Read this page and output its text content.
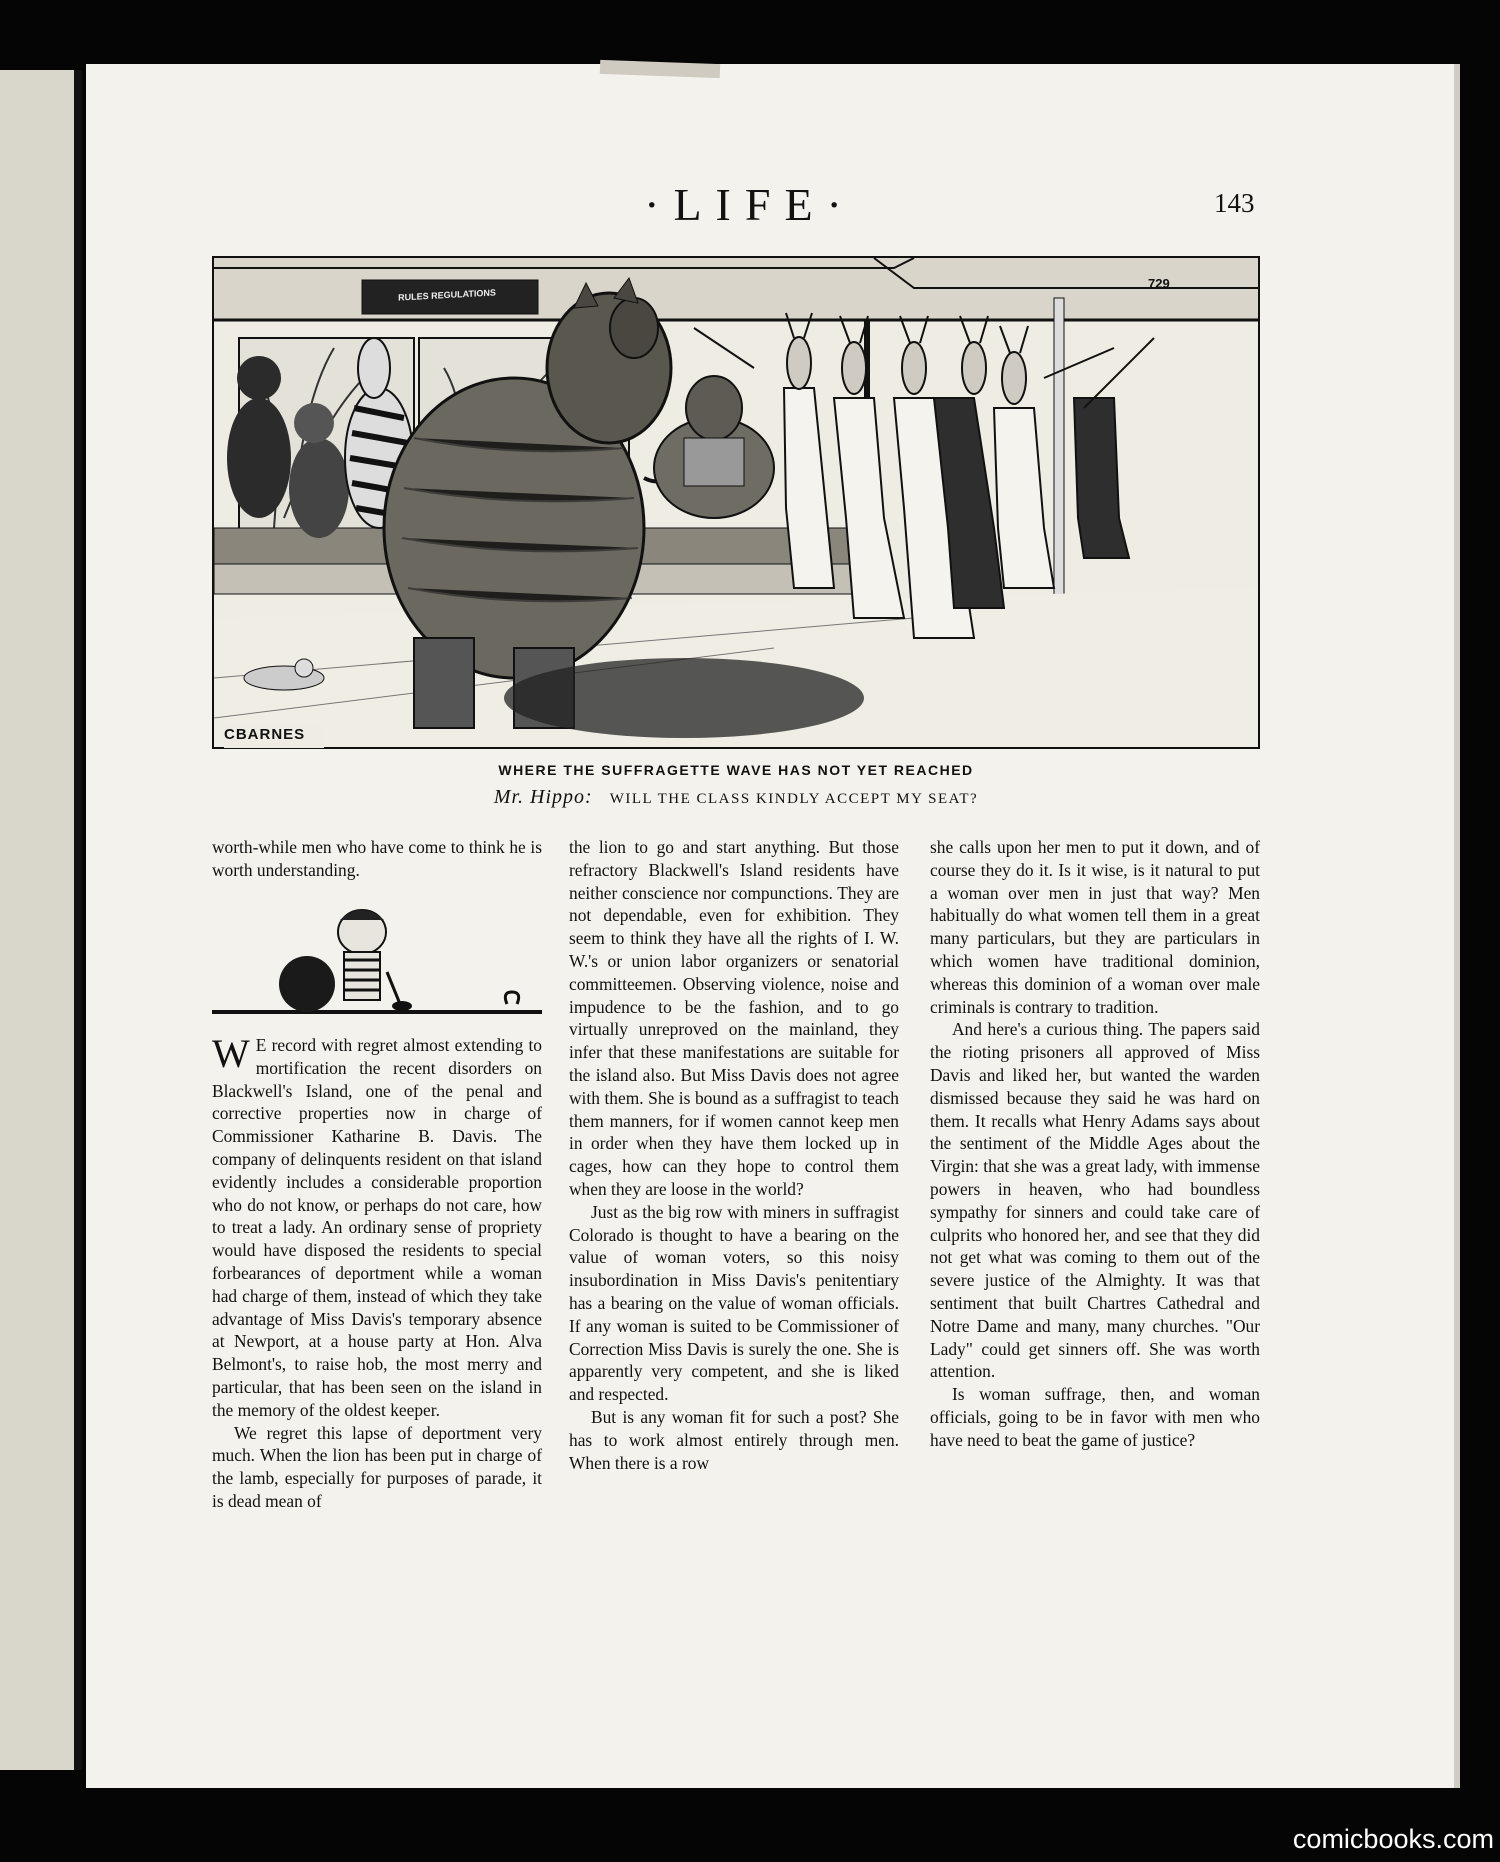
·LIFE·	143
RULES REGULATIONS
729
CBARNES
WHERE THE SUFFRAGETTE WAVE HAS NOT YET REACHED
Mr. Hippo: WILL THE CLASS KINDLY ACCEPT MY SEAT?

worth-while men who have come to think he is worth understanding.

W E record with regret almost extending to mortification the recent disorders on Blackwell's Island, one of the penal and corrective properties now in charge of Commissioner Katharine B. Davis. The company of delinquents resident on that island evidently includes a considerable proportion who do not know, or perhaps do not care, how to treat a lady. An ordinary sense of propriety would have disposed the residents to special forbearances of deportment while a woman had charge of them, instead of which they take advantage of Miss Davis's temporary absence at Newport, at a house party at Hon. Alva Belmont's, to raise hob, the most merry and particular, that has been seen on the island in the memory of the oldest keeper.

We regret this lapse of deportment very much. When the lion has been put in charge of the lamb, especially for purposes of parade, it is dead mean of

the lion to go and start anything. But those refractory Blackwell's Island residents have neither conscience nor compunctions. They are not dependable, even for exhibition. They seem to think they have all the rights of I. W. W.'s or union labor organizers or senatorial committeemen. Observing violence, noise and impudence to be the fashion, and to go virtually unreproved on the mainland, they infer that these manifestations are suitable for the island also. But Miss Davis does not agree with them. She is bound as a suffragist to teach them manners, for if women cannot keep men in order when they have them locked up in cages, how can they hope to control them when they are loose in the world?

Just as the big row with miners in suffragist Colorado is thought to have a bearing on the value of woman voters, so this noisy insubordination in Miss Davis's penitentiary has a bearing on the value of woman officials. If any woman is suited to be Commissioner of Correction Miss Davis is surely the one. She is apparently very competent, and she is liked and respected.

But is any woman fit for such a post? She has to work almost entirely through men. When there is a row

she calls upon her men to put it down, and of course they do it. Is it wise, is it natural to put a woman over men in just that way? Men habitually do what women tell them in a great many particulars, but they are particulars in which women have traditional dominion, whereas this dominion of a woman over male criminals is contrary to tradition.

And here's a curious thing. The papers said the rioting prisoners all approved of Miss Davis and liked her, but wanted the warden dismissed because they said he was hard on them. It recalls what Henry Adams says about the sentiment of the Middle Ages about the Virgin: that she was a great lady, with immense powers in heaven, who had boundless sympathy for sinners and could take care of culprits who honored her, and see that they did not get what was coming to them out of the severe justice of the Almighty. It was that sentiment that built Chartres Cathedral and Notre Dame and many, many churches. "Our Lady" could get sinners off. She was worth attention.

Is woman suffrage, then, and woman officials, going to be in favor with men who have need to beat the game of justice?

comicbooks.com
